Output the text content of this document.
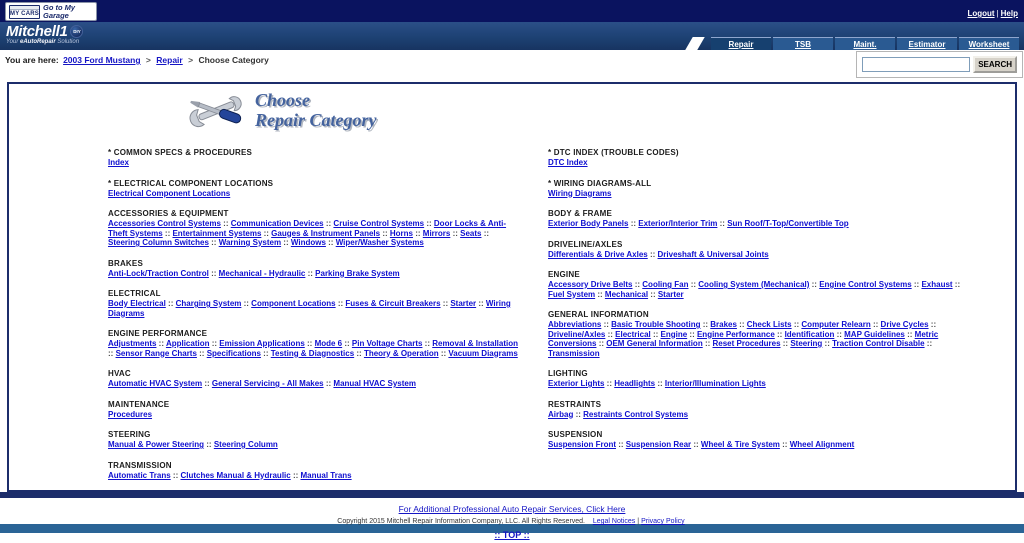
MY CARS
Go to My Garage	Logout | Help
Mitchell1	DIY
Your eAutoRepair Solution	Repair	TSB	Maint.	Estimator	Worksheet
You are here: 2003 Ford Mustang > Repair > Choose Category	SEARCH
Choose
Repair Category
* COMMON SPECS & PROCEDURES
Index
* ELECTRICAL COMPONENT LOCATIONS
Electrical Component Locations
ACCESSORIES & EQUIPMENT
Accessories Control Systems :: Communication Devices :: Cruise Control Systems :: Door Locks & Anti-Theft Systems :: Entertainment Systems :: Gauges & Instrument Panels :: Horns :: Mirrors :: Seats :: Steering Column Switches :: Warning System :: Windows :: Wiper/Washer Systems
BRAKES
Anti-Lock/Traction Control :: Mechanical - Hydraulic :: Parking Brake System
ELECTRICAL
Body Electrical :: Charging System :: Component Locations :: Fuses & Circuit Breakers :: Starter :: Wiring Diagrams
ENGINE PERFORMANCE
Adjustments :: Application :: Emission Applications :: Mode 6 :: Pin Voltage Charts :: Removal & Installation :: Sensor Range Charts :: Specifications :: Testing & Diagnostics :: Theory & Operation :: Vacuum Diagrams
HVAC
Automatic HVAC System :: General Servicing - All Makes :: Manual HVAC System
MAINTENANCE
Procedures
STEERING
Manual & Power Steering :: Steering Column
TRANSMISSION
Automatic Trans :: Clutches Manual & Hydraulic :: Manual Trans
* DTC INDEX (TROUBLE CODES)
DTC Index
* WIRING DIAGRAMS-ALL
Wiring Diagrams
BODY & FRAME
Exterior Body Panels :: Exterior/Interior Trim :: Sun Roof/T-Top/Convertible Top
DRIVELINE/AXLES
Differentials & Drive Axles :: Driveshaft & Universal Joints
ENGINE
Accessory Drive Belts :: Cooling Fan :: Cooling System (Mechanical) :: Engine Control Systems :: Exhaust :: Fuel System :: Mechanical :: Starter
GENERAL INFORMATION
Abbreviations :: Basic Trouble Shooting :: Brakes :: Check Lists :: Computer Relearn :: Drive Cycles :: Driveline/Axles :: Electrical :: Engine :: Engine Performance :: Identification :: MAP Guidelines :: Metric Conversions :: OEM General Information :: Reset Procedures :: Steering :: Traction Control Disable :: Transmission
LIGHTING
Exterior Lights :: Headlights :: Interior/Illumination Lights
RESTRAINTS
Airbag :: Restraints Control Systems
SUSPENSION
Suspension Front :: Suspension Rear :: Wheel & Tire System :: Wheel Alignment
For Additional Professional Auto Repair Services, Click Here
Copyright 2015 Mitchell Repair Information Company, LLC. All Rights Reserved. Legal Notices | Privacy Policy
:: TOP ::
